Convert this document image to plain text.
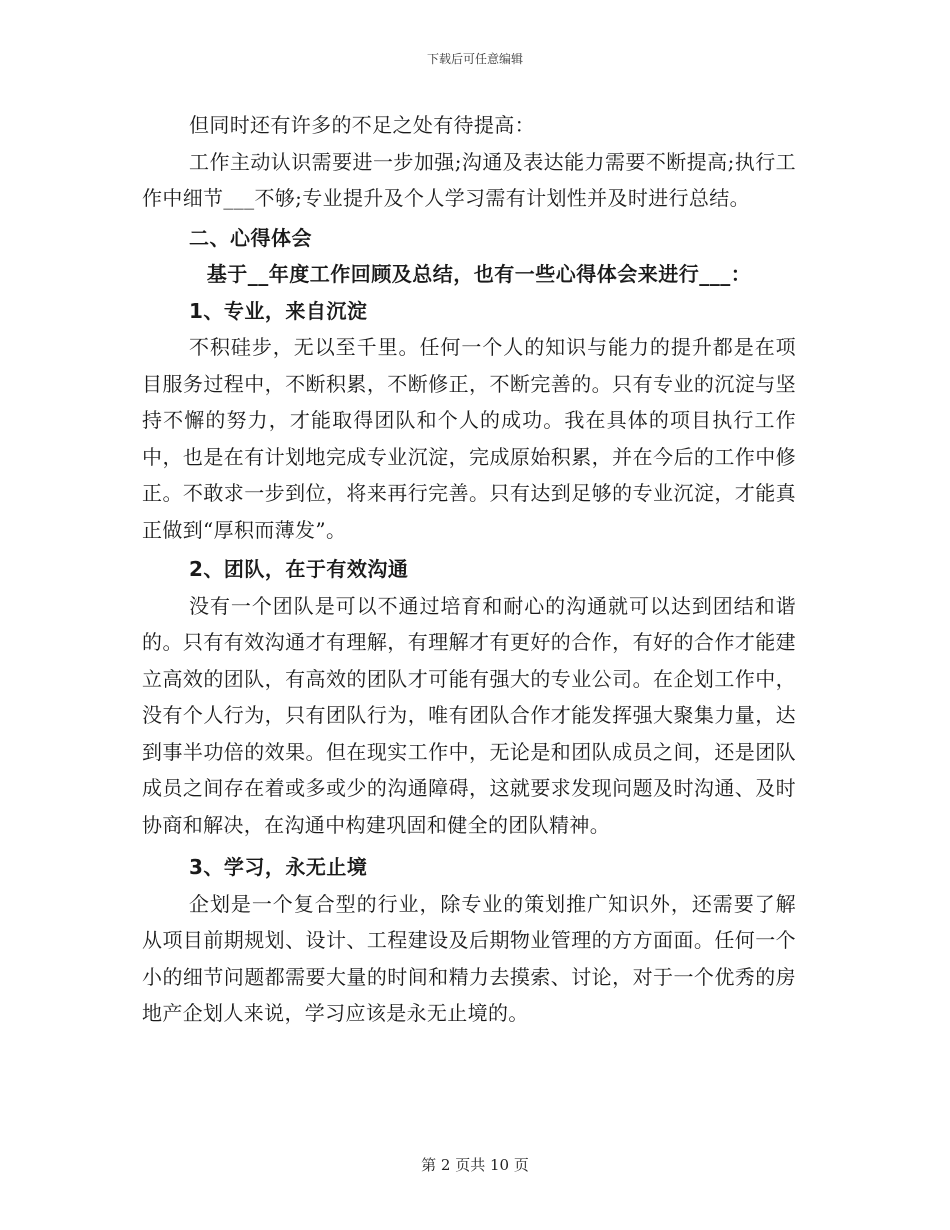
下载后可任意编辑

但同时还有许多的不足之处有待提高：

工作主动认识需要进一步加强;沟通及表达能力需要不断提高;执行工作中细节___不够;专业提升及个人学习需有计划性并及时进行总结。

二、心得体会

基于__年度工作回顾及总结，也有一些心得体会来进行___：

1、专业，来自沉淀

不积硅步，无以至千里。任何一个人的知识与能力的提升都是在项目服务过程中，不断积累，不断修正，不断完善的。只有专业的沉淀与坚持不懈的努力，才能取得团队和个人的成功。我在具体的项目执行工作中，也是在有计划地完成专业沉淀，完成原始积累，并在今后的工作中修正。不敢求一步到位，将来再行完善。只有达到足够的专业沉淀，才能真正做到“厚积而薄发”。

2、团队，在于有效沟通

没有一个团队是可以不通过培育和耐心的沟通就可以达到团结和谐的。只有有效沟通才有理解，有理解才有更好的合作，有好的合作才能建立高效的团队，有高效的团队才可能有强大的专业公司。在企划工作中，没有个人行为，只有团队行为，唯有团队合作才能发挥强大聚集力量，达到事半功倍的效果。但在现实工作中，无论是和团队成员之间，还是团队成员之间存在着或多或少的沟通障碍，这就要求发现问题及时沟通、及时协商和解决，在沟通中构建巩固和健全的团队精神。

3、学习，永无止境

企划是一个复合型的行业，除专业的策划推广知识外，还需要了解从项目前期规划、设计、工程建设及后期物业管理的方方面面。任何一个小的细节问题都需要大量的时间和精力去摸索、讨论，对于一个优秀的房地产企划人来说，学习应该是永无止境的。

第 2 页共 10 页
